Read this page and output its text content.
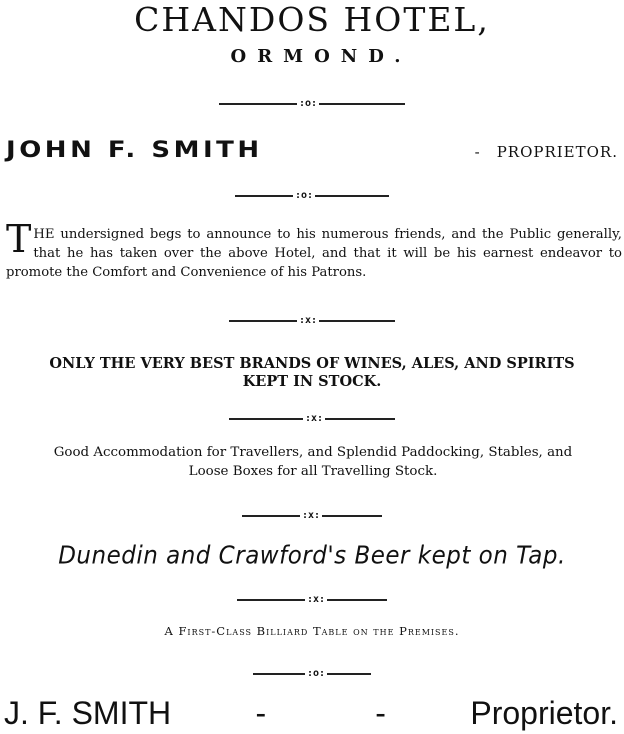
CHANDOS HOTEL,
ORMOND.
:o:
JOHN F. SMITH	- PROPRIETOR.
:o:
THE undersigned begs to announce to his numerous friends, and the Public generally, that he has taken over the above Hotel, and that it will be his earnest endeavor to promote the Comfort and Convenience of his Patrons.
:x:
ONLY THE VERY BEST BRANDS OF WINES, ALES, AND SPIRITS
KEPT IN STOCK.
:x:
Good Accommodation for Travellers, and Splendid Paddocking, Stables, and
Loose Boxes for all Travelling Stock.
:x:
Dunedin and Crawford's Beer kept on Tap.
:x:
A First-Class Billiard Table on the Premises.
:o:
J. F. SMITH	-	-	Proprietor.
